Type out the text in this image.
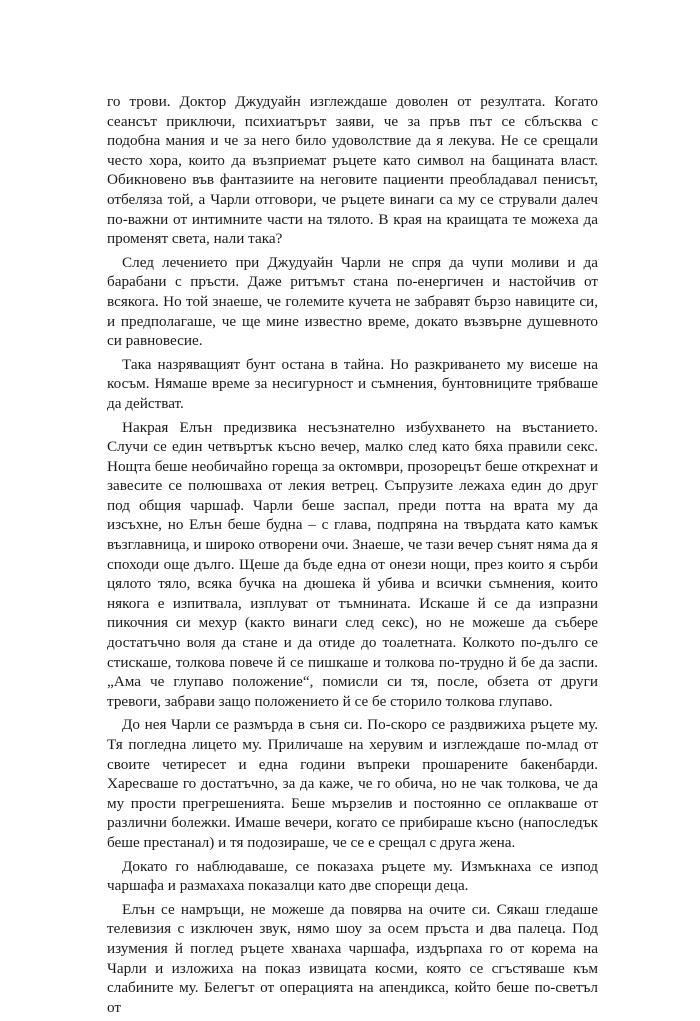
го трови. Доктор Джудуайн изглеждаше доволен от резултата. Когато сеансът приключи, психиатърът заяви, че за пръв път се сблъсква с подобна мания и че за него било удоволствие да я лекува. Не се срещали често хора, които да възприемат ръцете като символ на бащината власт. Обикновено във фантазиите на неговите пациенти преобладавал пенисът, отбеляза той, а Чарли отговори, че ръцете винаги са му се стрували далеч по-важни от интимните части на тялото. В края на краищата те можеха да променят света, нали така?

След лечението при Джудуайн Чарли не спря да чупи моливи и да барабани с пръсти. Даже ритъмът стана по-енергичен и настойчив от всякога. Но той знаеше, че големите кучета не забравят бързо навиците си, и предполагаше, че ще мине известно време, докато възвърне душевното си равновесие.

Така назряващият бунт остана в тайна. Но разкриването му висеше на косъм. Нямаше време за несигурност и съмнения, бунтовниците трябваше да действат.

Накрая Елън предизвика несъзнателно избухването на въстанието. Случи се един четвъртък късно вечер, малко след като бяха правили секс. Нощта беше необичайно гореща за октомври, прозорецът беше открехнат и завесите се полюшваха от лекия ветрец. Съпрузите лежаха един до друг под общия чаршаф. Чарли беше заспал, преди потта на врата му да изсъхне, но Елън беше будна – с глава, подпряна на твърдата като камък възглавница, и широко отворени очи. Знаеше, че тази вечер сънят няма да я споходи още дълго. Щеше да бъде една от онези нощи, през които я сърби цялото тяло, всяка бучка на дюшека й убива и всички съмнения, които някога е изпитвала, изплуват от тъмнината. Искаше й се да изпразни пикочния си мехур (както винаги след секс), но не можеше да събере достатъчно воля да стане и да отиде до тоалетната. Колкото по-дълго се стискаше, толкова повече й се пишкаше и толкова по-трудно й бе да заспи. „Ама че глупаво положение“, помисли си тя, после, обзета от други тревоги, забрави защо положението й се бе сторило толкова глупаво.

До нея Чарли се размърда в съня си. По-скоро се раздвижиха ръцете му. Тя погледна лицето му. Приличаше на херувим и изглеждаше по-млад от своите четиресет и една години въпреки прошарените бакенбарди. Харесваше го достатъчно, за да каже, че го обича, но не чак толкова, че да му прости прегрешенията. Беше мързелив и постоянно се оплакваше от различни болежки. Имаше вечери, когато се прибираше късно (напоследък беше престанал) и тя подозираше, че се е срещал с друга жена.

Докато го наблюдаваше, се показаха ръцете му. Измъкнаха се изпод чаршафа и размахаха показалци като две спорещи деца.

Елън се намръщи, не можеше да повярва на очите си. Сякаш гледаше телевизия с изключен звук, нямо шоу за осем пръста и два палеца. Под изумения й поглед ръцете хванаха чаршафа, издърпаха го от корема на Чарли и изложиха на показ извицата косми, която се сгъстяваше към слабините му. Белегът от операцията на апендикса, който беше по-светъл от
